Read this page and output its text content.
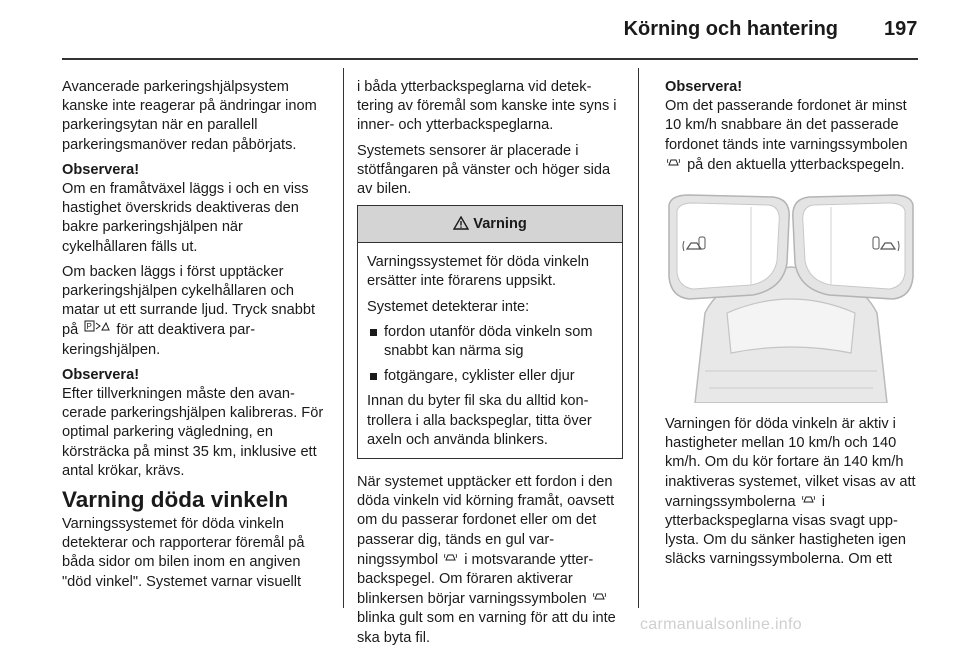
Körning och hantering 197

Avancerade parkeringshjälpsystem kanske inte reagerar på ändringar inom parkeringsytan när en parallell parkeringsmanöver redan påbörjats.

Observera!

Om en framåtväxel läggs i och en viss hastighet överskrids deaktiveras den bakre parkeringshjälpen när cykelhållaren fälls ut.

Om backen läggs i först upptäcker parkeringshjälpen cykelhållaren och matar ut ett surrande ljud. Tryck snabbt på P för att deaktivera parkeringshjälpen.

Observera!

Efter tillverkningen måste den avancerade parkeringshjälpen kalibreras. För optimal parkering vägledning, en körsträcka på minst 35 km, inklusive ett antal krökar, krävs.

Varning döda vinkeln

Varningssystemet för döda vinkeln detekterar och rapporterar föremål på båda sidor om bilen inom en angiven "död vinkel". Systemet varnar visuellt

i båda ytterbackspeglarna vid detektering av föremål som kanske inte syns i inner- och ytterbackspeglarna.

Systemets sensorer är placerade i stötfångaren på vänster och höger sida av bilen.

Varning

Varningssystemet för döda vinkeln ersätter inte förarens uppsikt.

Systemet detekterar inte:

fordon utanför döda vinkeln som snabbt kan närma sig
fotgängare, cyklister eller djur

Innan du byter fil ska du alltid kontrollera i alla backspeglar, titta över axeln och använda blinkers.

När systemet upptäcker ett fordon i den döda vinkeln vid körning framåt, oavsett om du passerar fordonet eller om det passerar dig, tänds en gul varningssymbol i motsvarande ytterbackspegel. Om föraren aktiverar blinkersen börjar varningssymbolen  blinka gult som en varning för att du inte ska byta fil.

Observera!

Om det passerande fordonet är minst 10 km/h snabbare än det passerade fordonet tänds inte varningssymbolen  på den aktuella ytterbackspegeln.

Varningen för döda vinkeln är aktiv i hastigheter mellan 10 km/h och 140 km/h. Om du kör fortare än 140 km/h inaktiveras systemet, vilket visas av att varningssymbolerna i ytterbackspeglarna visas svagt upplysta. Om du sänker hastigheten igen släcks varningssymbolerna. Om ett

carmanualsonline.info
